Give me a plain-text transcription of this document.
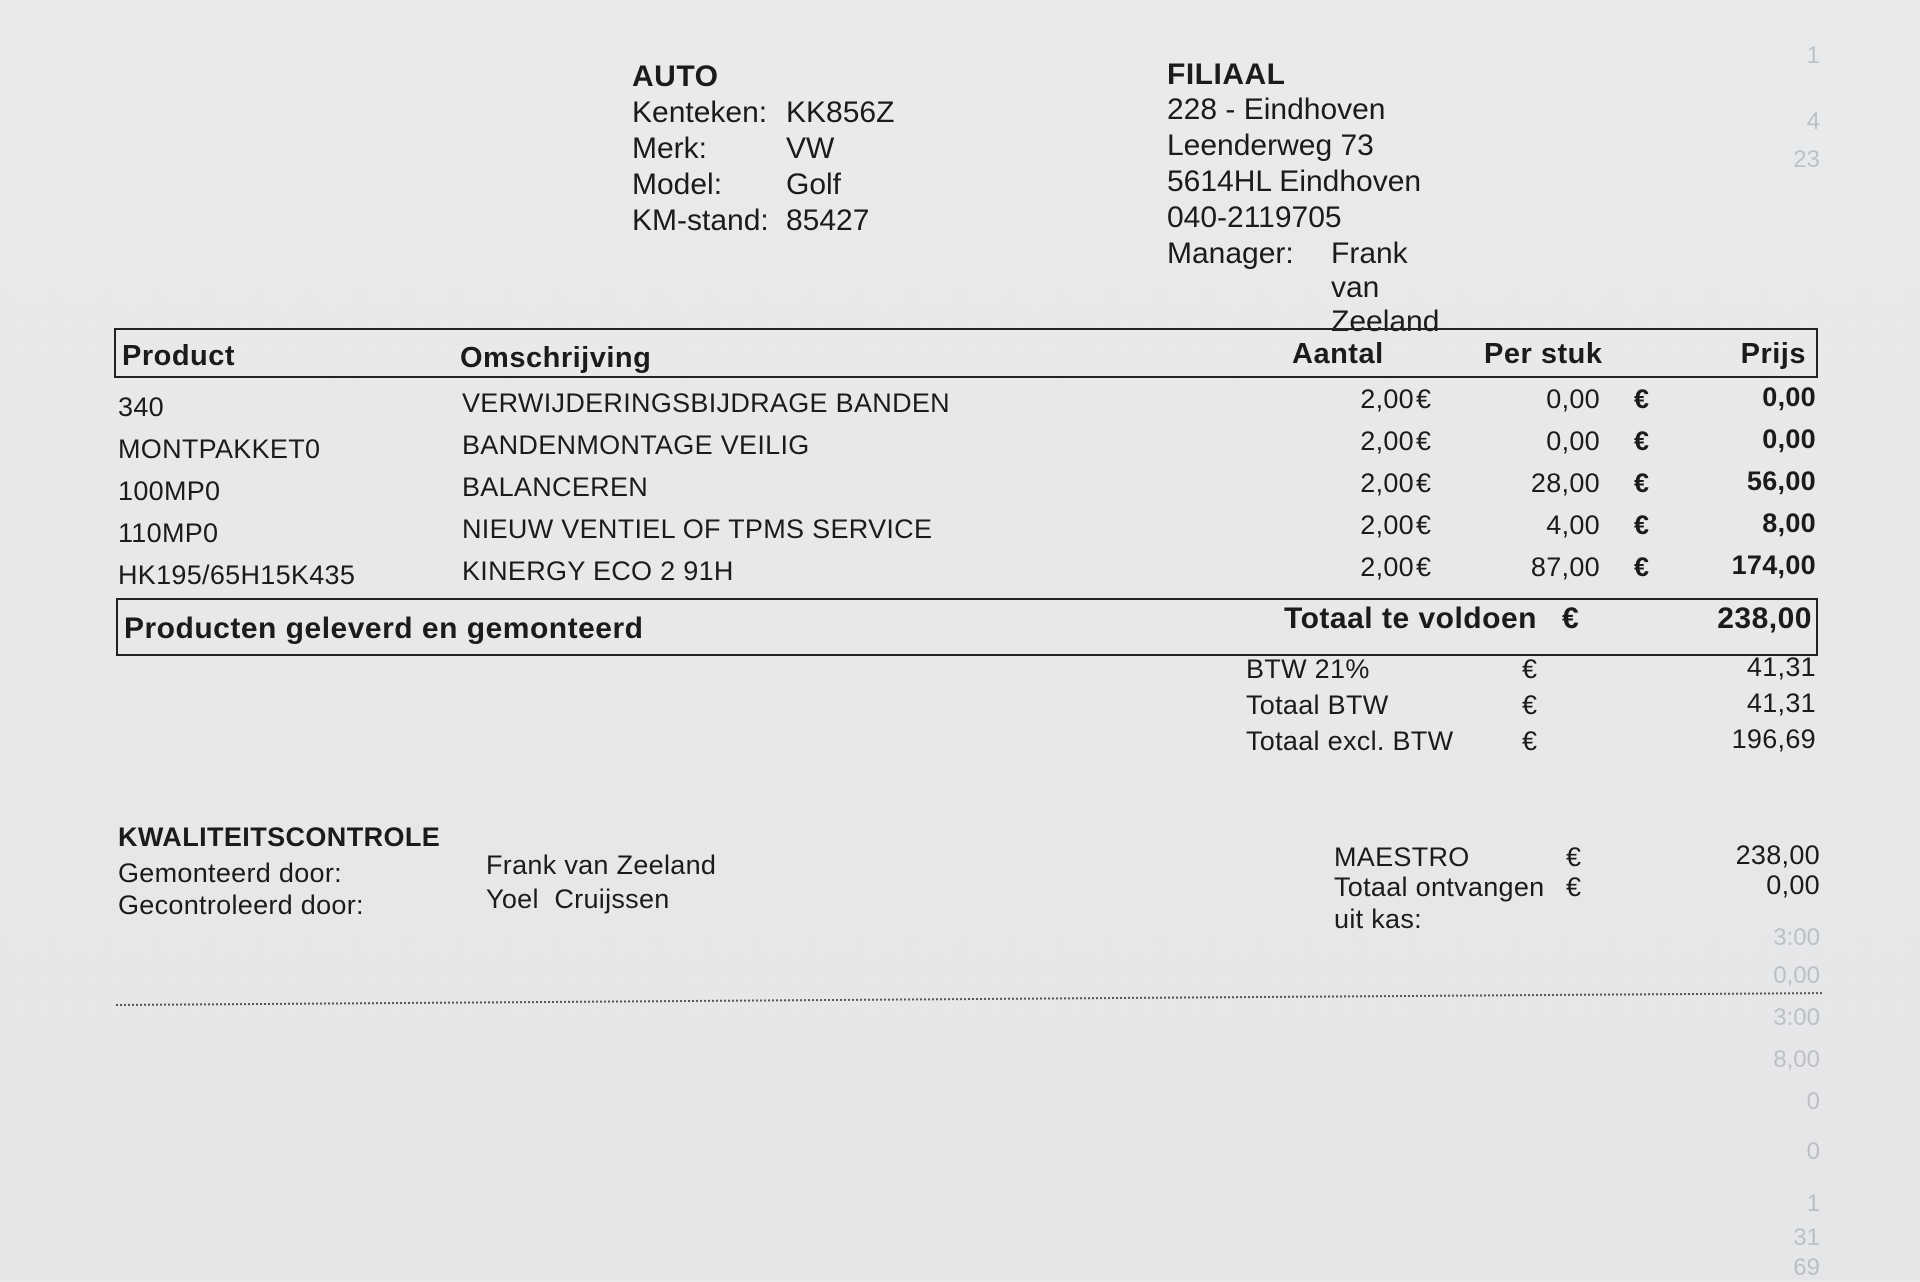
AUTO
Kenteken: KK856Z
Merk:	VW
Model: Golf
KM-stand: 85427
FILIAAL
228 - Eindhoven
Leenderweg 73
5614HL Eindhoven
040-2119705
Manager: Frank van Zeeland
Product	Omschrijving	Aantal	Per stuk	Prijs
340	VERWIJDERINGSBIJDRAGE BANDEN	2,00 €	0,00 €	0,00
MONTPAKKET0	BANDENMONTAGE VEILIG	2,00 €	0,00 €	0,00
100MP0	BALANCEREN	2,00 €	28,00 €	56,00
110MP0	NIEUW VENTIEL OF TPMS SERVICE	2,00 €	4,00 €	8,00
HK195/65H15K435	KINERGY ECO 2 91H	2,00 €	87,00 €	174,00
Producten geleverd en gemonteerd	Totaal te voldoen €	238,00
BTW 21%	€	41,31
Totaal BTW	€	41,31
Totaal excl. BTW	€	196,69
KWALITEITSCONTROLE
Gemonteerd door:	Frank van Zeeland
Gecontroleerd door:	Yoel  Cruijssen
MAESTRO	€	238,00
Totaal ontvangen €	0,00
uit kas:
1
4
23
3:00
0,00
3:00
8,00
0
0
1
31
69
